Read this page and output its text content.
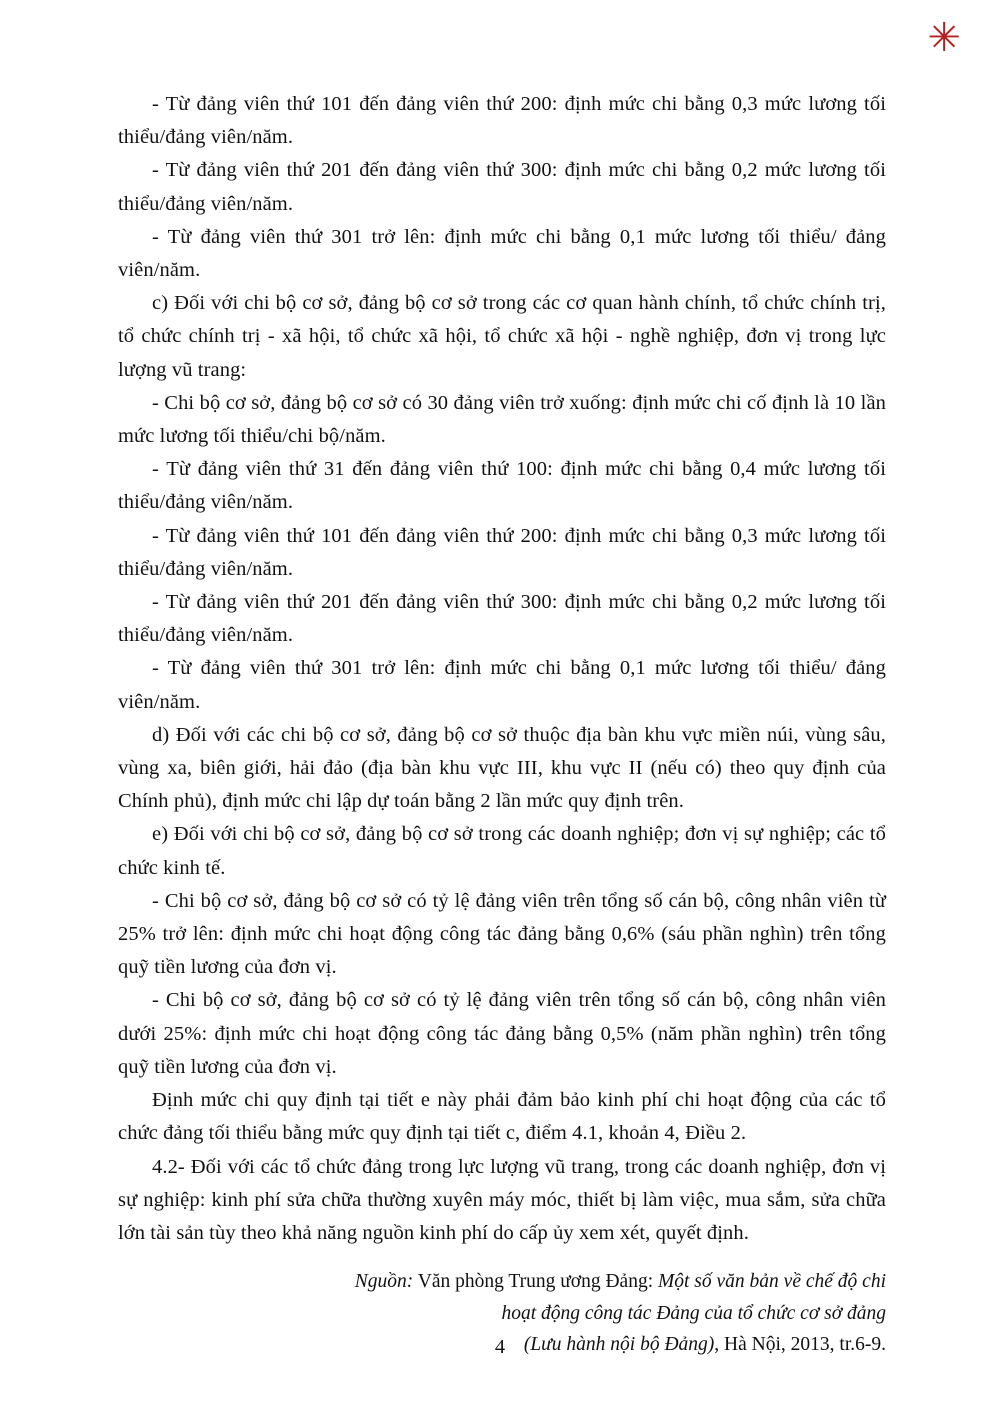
✳

- Từ đảng viên thứ 101 đến đảng viên thứ 200: định mức chi bằng 0,3 mức lương tối thiểu/đảng viên/năm.

- Từ đảng viên thứ 201 đến đảng viên thứ 300: định mức chi bằng 0,2 mức lương tối thiểu/đảng viên/năm.

- Từ đảng viên thứ 301 trở lên: định mức chi bằng 0,1 mức lương tối thiểu/ đảng viên/năm.

c) Đối với chi bộ cơ sở, đảng bộ cơ sở trong các cơ quan hành chính, tổ chức chính trị, tổ chức chính trị - xã hội, tổ chức xã hội, tổ chức xã hội - nghề nghiệp, đơn vị trong lực lượng vũ trang:

- Chi bộ cơ sở, đảng bộ cơ sở có 30 đảng viên trở xuống: định mức chi cố định là 10 lần mức lương tối thiểu/chi bộ/năm.

- Từ đảng viên thứ 31 đến đảng viên thứ 100: định mức chi bằng 0,4 mức lương tối thiểu/đảng viên/năm.

- Từ đảng viên thứ 101 đến đảng viên thứ 200: định mức chi bằng 0,3 mức lương tối thiểu/đảng viên/năm.

- Từ đảng viên thứ 201 đến đảng viên thứ 300: định mức chi bằng 0,2 mức lương tối thiểu/đảng viên/năm.

- Từ đảng viên thứ 301 trở lên: định mức chi bằng 0,1 mức lương tối thiểu/ đảng viên/năm.

d) Đối với các chi bộ cơ sở, đảng bộ cơ sở thuộc địa bàn khu vực miền núi, vùng sâu, vùng xa, biên giới, hải đảo (địa bàn khu vực III, khu vực II (nếu có) theo quy định của Chính phủ), định mức chi lập dự toán bằng 2 lần mức quy định trên.

e) Đối với chi bộ cơ sở, đảng bộ cơ sở trong các doanh nghiệp; đơn vị sự nghiệp; các tổ chức kinh tế.

- Chi bộ cơ sở, đảng bộ cơ sở có tỷ lệ đảng viên trên tổng số cán bộ, công nhân viên từ 25% trở lên: định mức chi hoạt động công tác đảng bằng 0,6% (sáu phần nghìn) trên tổng quỹ tiền lương của đơn vị.

- Chi bộ cơ sở, đảng bộ cơ sở có tỷ lệ đảng viên trên tổng số cán bộ, công nhân viên dưới 25%: định mức chi hoạt động công tác đảng bằng 0,5% (năm phần nghìn) trên tổng quỹ tiền lương của đơn vị.

Định mức chi quy định tại tiết e này phải đảm bảo kinh phí chi hoạt động của các tổ chức đảng tối thiểu bằng mức quy định tại tiết c, điểm 4.1, khoản 4, Điều 2.

4.2- Đối với các tổ chức đảng trong lực lượng vũ trang, trong các doanh nghiệp, đơn vị sự nghiệp: kinh phí sửa chữa thường xuyên máy móc, thiết bị làm việc, mua sắm, sửa chữa lớn tài sản tùy theo khả năng nguồn kinh phí do cấp ủy xem xét, quyết định.

Nguồn: Văn phòng Trung ương Đảng: Một số văn bản về chế độ chi
hoạt động công tác Đảng của tổ chức cơ sở đảng
(Lưu hành nội bộ Đảng), Hà Nội, 2013, tr.6-9.
4
